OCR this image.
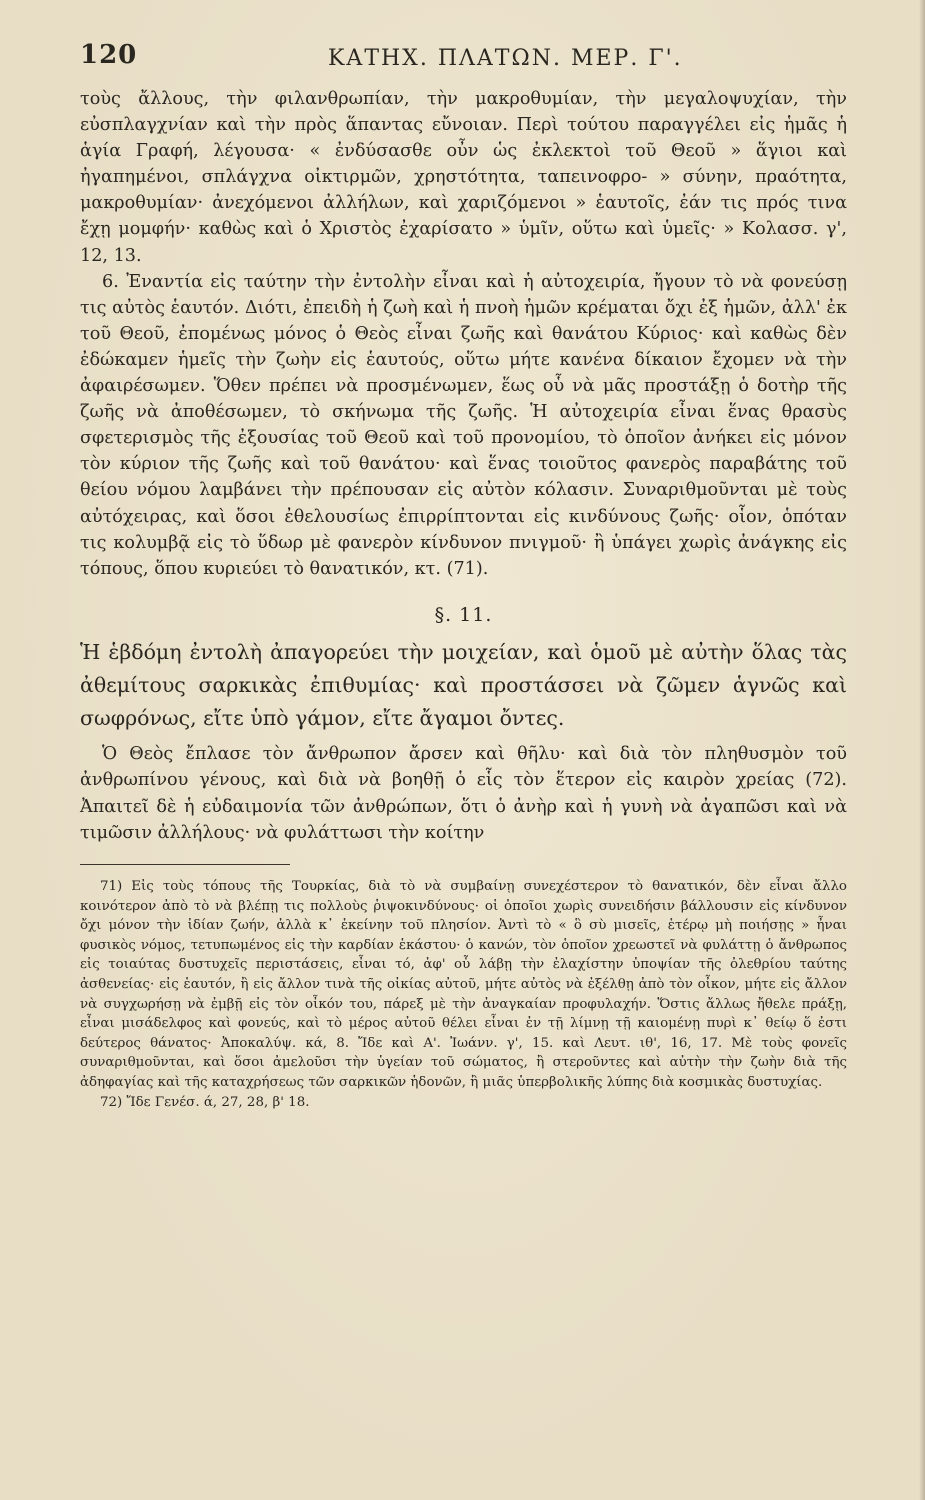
120	ΚΑΤΗΧ. ΠΛΑΤΩΝ. ΜΕΡ. Γ'.

τοὺς ἄλλους, τὴν φιλανθρωπίαν, τὴν μακροθυμίαν, τὴν μεγαλοψυχίαν, τὴν εὐσπλαγχνίαν καὶ τὴν πρὸς ἅπαντας εὔνοιαν. Περὶ τούτου παραγγέλει εἰς ἡμᾶς ἡ ἁγία Γραφή, λέγουσα· « ἐνδύσασθε οὖν ὡς ἐκλεκτοὶ τοῦ Θεοῦ » ἅγιοι καὶ ἠγαπημένοι, σπλάγχνα οἰκτιρμῶν, χρηστότητα, ταπεινοφρο- » σύνην, πραότητα, μακροθυμίαν· ἀνεχόμενοι ἀλλήλων, καὶ χαριζόμενοι » ἑαυτοῖς, ἐάν τις πρός τινα ἔχῃ μομφήν· καθὼς καὶ ὁ Χριστὸς ἐχαρίσατο » ὑμῖν, οὕτω καὶ ὑμεῖς· » Κολασσ. γ', 12, 13.

6. Ἐναντία εἰς ταύτην τὴν ἐντολὴν εἶναι καὶ ἡ αὐτοχειρία, ἤγουν τὸ νὰ φονεύσῃ τις αὐτὸς ἑαυτόν. Διότι, ἐπειδὴ ἡ ζωὴ καὶ ἡ πνοὴ ἡμῶν κρέμαται ὄχι ἐξ ἡμῶν, ἀλλ' ἐκ τοῦ Θεοῦ, ἐπομένως μόνος ὁ Θεὸς εἶναι ζωῆς καὶ θανάτου Κύριος· καὶ καθὼς δὲν ἐδώκαμεν ἡμεῖς τὴν ζωὴν εἰς ἑαυτούς, οὕτω μήτε κανένα δίκαιον ἔχομεν νὰ τὴν ἀφαιρέσωμεν. Ὅθεν πρέπει νὰ προσμένωμεν, ἕως οὗ νὰ μᾶς προστάξῃ ὁ δοτὴρ τῆς ζωῆς νὰ ἀποθέσωμεν, τὸ σκήνωμα τῆς ζωῆς. Ἡ αὐτοχειρία εἶναι ἕνας θρασὺς σφετερισμὸς τῆς ἐξουσίας τοῦ Θεοῦ καὶ τοῦ προνομίου, τὸ ὁποῖον ἀνήκει εἰς μόνον τὸν κύριον τῆς ζωῆς καὶ τοῦ θανάτου· καὶ ἕνας τοιοῦτος φανερὸς παραβάτης τοῦ θείου νόμου λαμβάνει τὴν πρέπουσαν εἰς αὐτὸν κόλασιν. Συναριθμοῦνται μὲ τοὺς αὐτόχειρας, καὶ ὅσοι ἐθελουσίως ἐπιρρίπτονται εἰς κινδύνους ζωῆς· οἷον, ὁπόταν τις κολυμβᾷ εἰς τὸ ὕδωρ μὲ φανερὸν κίνδυνον πνιγμοῦ· ἢ ὑπάγει χωρὶς ἀνάγκης εἰς τόπους, ὅπου κυριεύει τὸ θανατικόν, κτ. (71).

§. 11.

Ἡ ἑβδόμη ἐντολὴ ἀπαγορεύει τὴν μοιχείαν, καὶ ὁμοῦ μὲ αὐτὴν ὅλας τὰς ἀθεμίτους σαρκικὰς ἐπιθυμίας· καὶ προστάσσει νὰ ζῶμεν ἁγνῶς καὶ σωφρόνως, εἴτε ὑπὸ γάμον, εἴτε ἄγαμοι ὄντες.

Ὁ Θεὸς ἔπλασε τὸν ἄνθρωπον ἄρσεν καὶ θῆλυ· καὶ διὰ τὸν πληθυσμὸν τοῦ ἀνθρωπίνου γένους, καὶ διὰ νὰ βοηθῇ ὁ εἷς τὸν ἕτερον εἰς καιρὸν χρείας (72). Ἀπαιτεῖ δὲ ἡ εὐδαιμονία τῶν ἀνθρώπων, ὅτι ὁ ἀνὴρ καὶ ἡ γυνὴ νὰ ἀγαπῶσι καὶ νὰ τιμῶσιν ἀλλήλους· νὰ φυλάττωσι τὴν κοίτην

71) Εἰς τοὺς τόπους τῆς Τουρκίας, διὰ τὸ νὰ συμβαίνῃ συνεχέστερον τὸ θανατικόν, δὲν εἶναι ἄλλο κοινότερον ἀπὸ τὸ νὰ βλέπῃ τις πολλοὺς ῥιψοκινδύνους· οἱ ὁποῖοι χωρὶς συνειδήσιν βάλλουσιν εἰς κίνδυνον ὄχι μόνον τὴν ἰδίαν ζωήν, ἀλλὰ κ᾽ ἐκείνην τοῦ πλησίον. Ἀντὶ τὸ « ὃ σὺ μισεῖς, ἑτέρῳ μὴ ποιήσῃς » ἦναι φυσικὸς νόμος, τετυπωμένος εἰς τὴν καρδίαν ἑκάστου· ὁ κανών, τὸν ὁποῖον χρεωστεῖ νὰ φυλάττῃ ὁ ἄνθρωπος εἰς τοιαύτας δυστυχεῖς περιστάσεις, εἶναι τό, ἀφ' οὗ λάβῃ τὴν ἐλαχίστην ὑποψίαν τῆς ὀλεθρίου ταύτης ἀσθενείας· εἰς ἑαυτόν, ἢ εἰς ἄλλον τινὰ τῆς οἰκίας αὐτοῦ, μήτε αὐτὸς νὰ ἐξέλθῃ ἀπὸ τὸν οἶκον, μήτε εἰς ἄλλον νὰ συγχωρήσῃ νὰ ἐμβῇ εἰς τὸν οἶκόν του, πάρεξ μὲ τὴν ἀναγκαίαν προφυλαχήν. Ὅστις ἄλλως ἤθελε πράξῃ, εἶναι μισάδελφος καὶ φονεύς, καὶ τὸ μέρος αὐτοῦ θέλει εἶναι ἐν τῇ λίμνῃ τῇ καιομένῃ πυρὶ κ᾽ θείῳ ὅ ἐστι δεύτερος θάνατος· Ἀποκαλύψ. κά, 8. Ἴδε καὶ Α'. Ἰωάνν. γ', 15. καὶ Λευτ. ιθ', 16, 17. Μὲ τοὺς φονεῖς συναριθμοῦνται, καὶ ὅσοι ἀμελοῦσι τὴν ὑγείαν τοῦ σώματος, ἢ στεροῦντες καὶ αὐτὴν τὴν ζωὴν διὰ τῆς ἀδηφαγίας καὶ τῆς καταχρήσεως τῶν σαρκικῶν ἡδονῶν, ἢ μιᾶς ὑπερβολικῆς λύπης διὰ κοσμικὰς δυστυχίας.

72) Ἴδε Γενέσ. ά, 27, 28, β' 18.
